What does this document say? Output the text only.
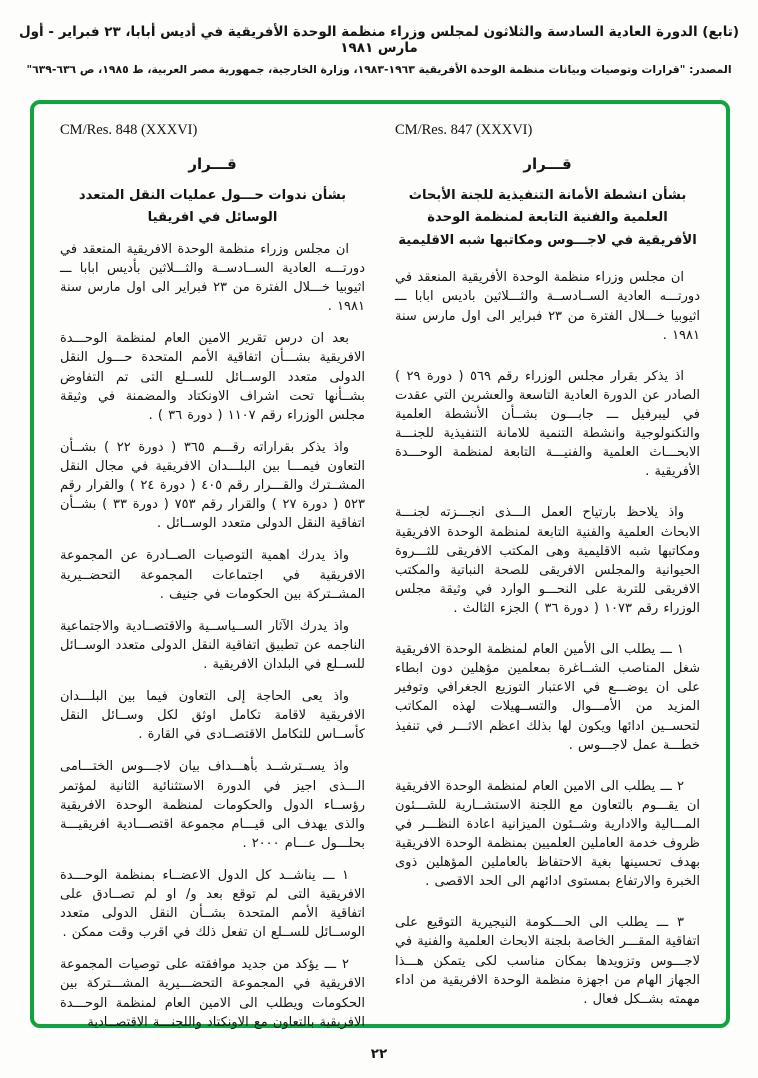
(تابع) الدورة العادية السادسة والثلاثون لمجلس وزراء منظمة الوحدة الأفريقية في أديس أبابا، ٢٣ فبراير - أول مارس ١٩٨١
المصدر: "قرارات وتوصيات وبيانات منظمة الوحدة الأفريقية ١٩٦٣-١٩٨٣، وزارة الخارجية، جمهورية مصر العربية، ط ١٩٨٥، ص ٦٣٦-٦٣٩"
CM/Res. 847 (XXXVI)
قـــرار
بشأن انشطة الأمانة التنفيذية للجنة الأبحاث العلمية والفنية التابعة لمنظمة الوحدة الأفريقية في لاجـــوس ومكاتبها شبه الاقليمية

ان مجلس وزراء منظمة الوحدة الأفريقية المنعقد في دورتـــه العادية الســادســة والثـــلاثين باديس ابابا ـــ اثيوبيا خـــلال الفترة من ٢٣ فبراير الى اول مارس سنة ١٩٨١ .

اذ يذكر بقرار مجلس الوزراء رقم ٥٦٩ ( دورة ٢٩ ) الصادر عن الدورة العادية التاسعة والعشرين التي عقدت في ليبرفيل ـــ جابـــون بشــأن الأنشطة العلمية والتكنولوجية وانشطة التنمية للامانة التنفيذية للجنـــة الابحـــاث العلمية والفنيـــة التابعة لمنظمة الوحـــدة الأفريقية .

واذ يلاحظ بارتياح العمل الـــذى انجـــزته لجنـــة الابحاث العلمية والفنية التابعة لمنظمة الوحدة الافريقية ومكاتبها شبه الاقليمية وهى المكتب الافريقى للثـــروة الحيوانية والمجلس الافريقى للصحة النباتية والمكتب الافريقى للتربة على النحـــو الوارد في وثيقة مجلس الوزراء رقم ١٠٧٣ ( دورة ٣٦ ) الجزء الثالث .

١ ـــ يطلب الى الأمين العام لمنظمة الوحدة الافريقية شغل المناصب الشــاغرة بمعلمين مؤهلين دون ابطاء على ان يوضـــع في الاعتبار التوزيع الجغرافي وتوفير المزيد من الأمـــوال والتســهيلات لهذه المكاتب لتحســين ادائها ويكون لها بذلك اعظم الاثـــر في تنفيذ خطـــة عمل لاجـــوس .

٢ ـــ يطلب الى الامين العام لمنظمة الوحدة الافريقية ان يقـــوم بالتعاون مع اللجنة الاستشــارية للشـــئون المـــالية والادارية وشــئون الميزانية اعادة النظـــر في ظروف خدمة العاملين العلميين بمنظمة الوحدة الافريقية بهدف تحسينها بغية الاحتفاظ بالعاملين المؤهلين ذوى الخبرة والارتفاع بمستوى ادائهم الى الحد الاقصى .

٣ ـــ يطلب الى الحـــكومة النيجيرية التوقيع على اتفاقية المقـــر الخاصة بلجنة الابحاث العلمية والفنية في لاجـــوس وتزويدها بمكان مناسب لكى يتمكن هـــذا الجهاز الهام من اجهزة منظمة الوحدة الافريقية من اداء مهمته بشــكل فعال .

CM/Res. 848 (XXXVI)
قـــرار
بشأن ندوات حـــول عمليات النقل المتعدد الوسائل في افريقيا

ان مجلس وزراء منظمة الوحدة الافريقية المنعقد في دورتـــه العادية الســادســة والثـــلاثين بأديس ابابا ـــ اثيوبيا خـــلال الفترة من ٢٣ فبراير الى اول مارس سنة ١٩٨١ .

بعد ان درس تقرير الامين العام لمنظمة الوحـــدة الافريقية بشـــأن اتفاقية الأمم المتحدة حـــول النقل الدولى متعدد الوســائل للســلع التى تم التفاوض بشــأنها تحت اشراف الاونكتاد والمضمنة في وثيقة مجلس الوزراء رقم ١١٠٧ ( دورة ٣٦ ) .

واذ يذكر بقراراته رقـــم ٣٦٥ ( دورة ٢٢ ) بشــأن التعاون فيمـــا بين البلـــدان الافريقية في مجال النقل المشــترك والقـــرار رقم ٤٠٥ ( دورة ٢٤ ) والقرار رقم ٥٢٣ ( دورة ٢٧ ) والقرار رقم ٧٥٣ ( دورة ٣٣ ) بشــأن اتفاقية النقل الدولى متعدد الوســائل .

واذ يدرك اهمية التوصيات الصــادرة عن المجموعة الافريقية في اجتماعات المجموعة التحضــيرية المشــتركة بين الحكومات في جنيف .

واذ يدرك الآثار الســياســية والاقتصــادية والاجتماعية الناجمه عن تطبيق اتفاقية النقل الدولى متعدد الوســائل للســلع في البلدان الافريقية .

واذ يعى الحاجة إلى التعاون فيما بين البلـــدان الافريقية لاقامة تكامل اوثق لكل وســائل النقل كأســاس للتكامل الاقتصــادى في القارة .

واذ يســترشــد بأهـــداف بيان لاجـــوس الختـــامى الـــذى اجيز في الدورة الاستثنائية الثانية لمؤتمر رؤســاء الدول والحكومات لمنظمة الوحدة الافريقية والذى يهدف الى قيـــام مجموعة اقتصـــادية افريقيـــة بحلـــول عـــام ٢٠٠٠ .

١ ـــ يناشــد كل الدول الاعضــاء بمنظمة الوحـــدة الافريقية التى لم توقع بعد و/ او لم تصــادق على اتفاقية الأمم المتحدة بشــأن النقل الدولى متعدد الوســائل للســلع ان تفعل ذلك في اقرب وقت ممكن .

٢ ـــ يؤكد من جديد موافقته على توصيات المجموعة الافريقية في المجموعة التحضـــيرية المشـــتركة بين الحكومات ويطلب الى الامين العام لمنظمة الوحـــدة الافريقية بالتعاون مع الاونكتاد واللجنـــة الاقتصــادية

٢٢
